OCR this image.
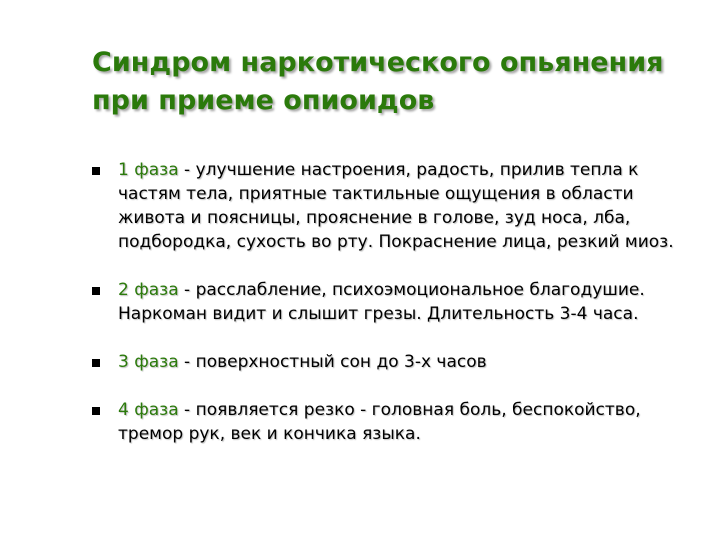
Синдром наркотического опьянения при приеме опиоидов
1 фаза - улучшение настроения, радость, прилив тепла к частям тела, приятные тактильные ощущения в области живота и поясницы, прояснение в голове, зуд носа, лба, подбородка, сухость во рту. Покраснение лица, резкий миоз.
2 фаза - расслабление, психоэмоциональное благодушие. Наркоман видит и слышит грезы. Длительность 3-4 часа.
3 фаза - поверхностный сон до 3-х часов
4 фаза - появляется резко - головная боль, беспокойство, тремор рук, век и кончика языка.
